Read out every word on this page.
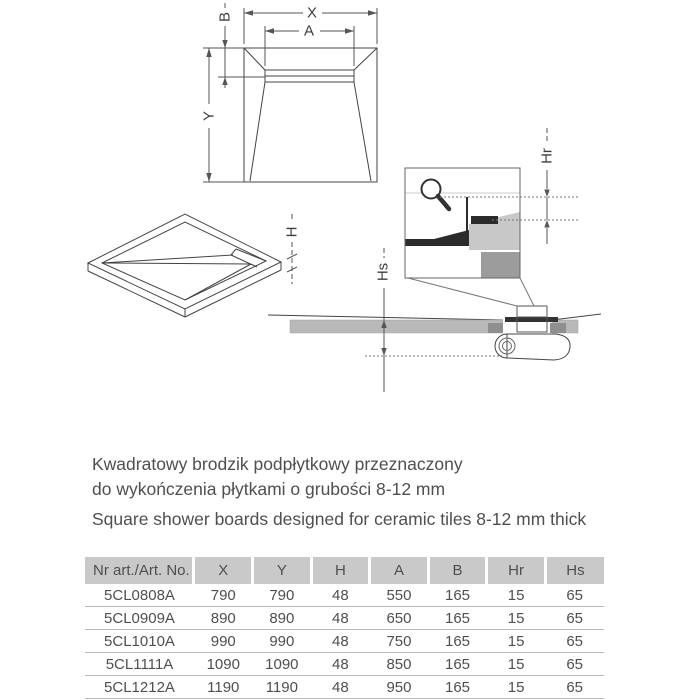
X
A
B
Y
H
Hr
Hs

Kwadratowy brodzik podpłytkowy przeznaczony

do wykończenia płytkami o grubości 8-12 mm

Square shower boards designed for ceramic tiles 8-12 mm thick

Nr art./Art. No.	X	Y	H	A	B	Hr	Hs
5CL0808A	790	790	48	550	165	15	65
5CL0909A	890	890	48	650	165	15	65
5CL1010A	990	990	48	750	165	15	65
5CL1111A	1090	1090	48	850	165	15	65
5CL1212A	1190	1190	48	950	165	15	65
